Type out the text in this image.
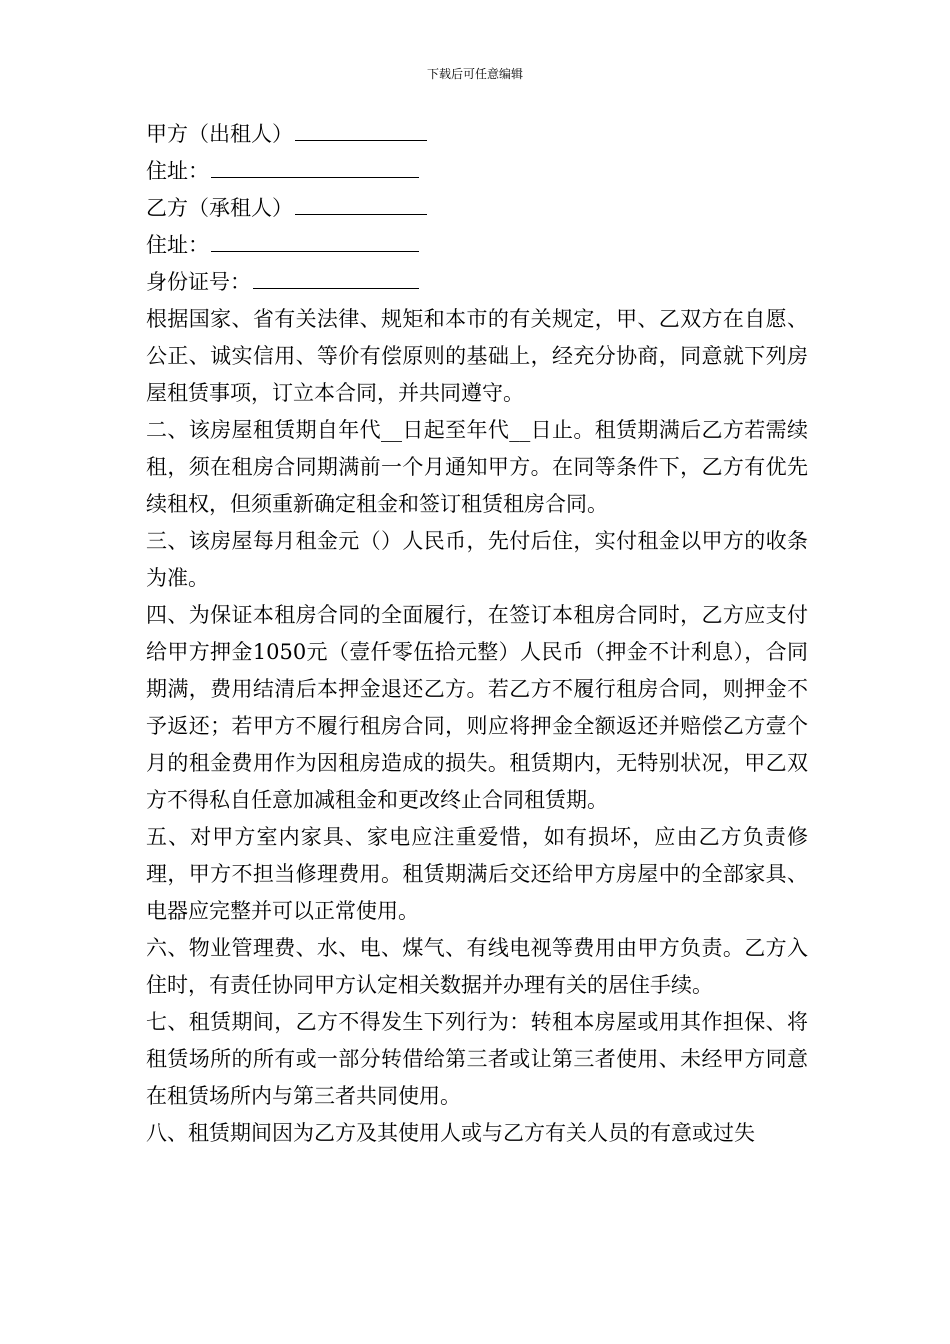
下载后可任意编辑
甲方（出租人）
住址：
乙方（承租人）
住址：
身份证号：

根据国家、省有关法律、规矩和本市的有关规定，甲、乙双方在自愿、公正、诚实信用、等价有偿原则的基础上，经充分协商，同意就下列房屋租赁事项，订立本合同，并共同遵守。

二、该房屋租赁期自年代__日起至年代__日止。租赁期满后乙方若需续租，须在租房合同期满前一个月通知甲方。在同等条件下，乙方有优先续租权，但须重新确定租金和签订租赁租房合同。

三、该房屋每月租金元（）人民币，先付后住，实付租金以甲方的收条为准。

四、为保证本租房合同的全面履行，在签订本租房合同时，乙方应支付给甲方押金1050元（壹仟零伍拾元整）人民币（押金不计利息），合同期满，费用结清后本押金退还乙方。若乙方不履行租房合同，则押金不予返还；若甲方不履行租房合同，则应将押金全额返还并赔偿乙方壹个月的租金费用作为因租房造成的损失。租赁期内，无特别状况，甲乙双方不得私自任意加减租金和更改终止合同租赁期。

五、对甲方室内家具、家电应注重爱惜，如有损坏，应由乙方负责修理，甲方不担当修理费用。租赁期满后交还给甲方房屋中的全部家具、电器应完整并可以正常使用。

六、物业管理费、水、电、煤气、有线电视等费用由甲方负责。乙方入住时，有责任协同甲方认定相关数据并办理有关的居住手续。

七、租赁期间，乙方不得发生下列行为：转租本房屋或用其作担保、将租赁场所的所有或一部分转借给第三者或让第三者使用、未经甲方同意在租赁场所内与第三者共同使用。

八、租赁期间因为乙方及其使用人或与乙方有关人员的有意或过失
